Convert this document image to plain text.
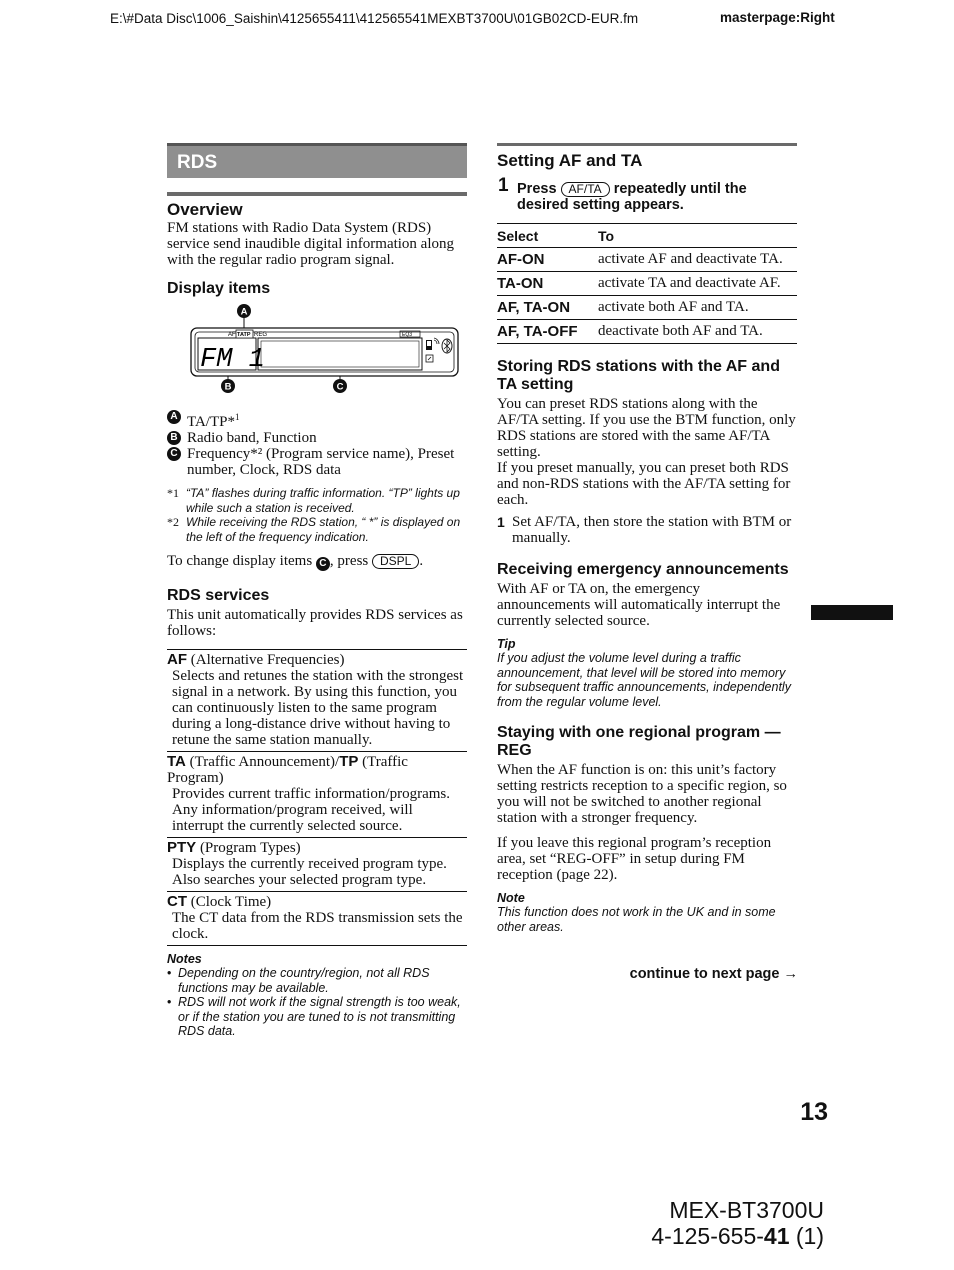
E:\#Data Disc\1006_Saishin\4125655411\412565541MEXBT3700U\01GB02CD-EUR.fm	masterpage:Right
RDS
Overview

FM stations with Radio Data System (RDS) service send inaudible digital information along with the regular radio program signal.

Display items
AF TATP REG	EQ3
FM 1
A
B	C
A TA/TP*$^1$
B Radio band, Function
C Frequency*² (Program service name), Preset number, Clock, RDS data
*1 “TA” flashes during traffic information. “TP” lights up while such a station is received.
*2 While receiving the RDS station, “ *” is displayed on the left of the frequency indication.

To change display items C , press DSPL .

RDS services

This unit automatically provides RDS services as follows:

AF (Alternative Frequencies)
Selects and retunes the station with the strongest signal in a network. By using this function, you can continuously listen to the same program during a long-distance drive without having to retune the same station manually.
TA (Traffic Announcement)/TP (Traffic Program)
Provides current traffic information/programs. Any information/program received, will interrupt the currently selected source.
PTY (Program Types)
Displays the currently received program type. Also searches your selected program type.
CT (Clock Time)
The CT data from the RDS transmission sets the clock.
Notes
• Depending on the country/region, not all RDS functions may be available.
• RDS will not work if the signal strength is too weak, or if the station you are tuned to is not transmitting RDS data.
Setting AF and TA
1 Press AF/TA repeatedly until the desired setting appears.
Select	To
AF-ON	activate AF and deactivate TA.
TA-ON	activate TA and deactivate AF.
AF, TA-ON	activate both AF and TA.
AF, TA-OFF	deactivate both AF and TA.
Storing RDS stations with the AF and TA setting

You can preset RDS stations along with the AF/TA setting. If you use the BTM function, only RDS stations are stored with the same AF/TA setting.

If you preset manually, you can preset both RDS and non-RDS stations with the AF/TA setting for each.

1 Set AF/TA, then store the station with BTM or manually.
Receiving emergency announcements

With AF or TA on, the emergency announcements will automatically interrupt the currently selected source.

Tip
If you adjust the volume level during a traffic announcement, that level will be stored into memory for subsequent traffic announcements, independently from the regular volume level.
Staying with one regional program — REG

When the AF function is on: this unit’s factory setting restricts reception to a specific region, so you will not be switched to another regional station with a stronger frequency.

If you leave this regional program’s reception area, set “REG-OFF” in setup during FM reception (page 22).

Note
This function does not work in the UK and in some other areas.
continue to next page →
13
MEX-BT3700U
4-125-655-41 (1)
